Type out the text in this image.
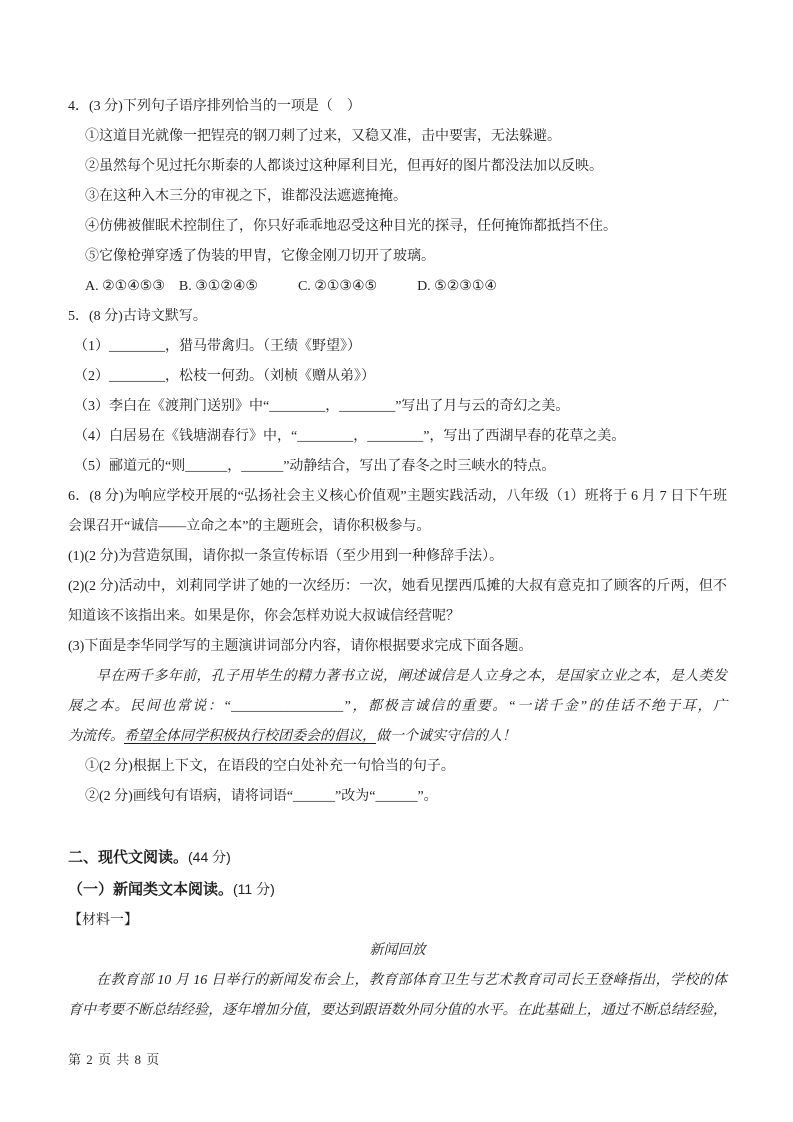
4．(3 分)下列句子语序排列恰当的一项是（　）

①这道目光就像一把锃亮的钢刀刺了过来，又稳又准，击中要害，无法躲避。

②虽然每个见过托尔斯泰的人都谈过这种犀利目光，但再好的图片都没法加以反映。

③在这种入木三分的审视之下，谁都没法遮遮掩掩。

④仿佛被催眠术控制住了，你只好乖乖地忍受这种目光的探寻，任何掩饰都抵挡不住。

⑤它像枪弹穿透了伪装的甲胄，它像金刚刀切开了玻璃。

A. ②①④⑤③ B. ③①②④⑤	C. ②①③④⑤	D. ⑤②③①④

5．(8 分)古诗文默写。

（1）________，猎马带禽归。（王绩《野望》）

（2）________，松枝一何劲。（刘桢《赠从弟》）

（3）李白在《渡荆门送别》中“________，________”写出了月与云的奇幻之美。

（4）白居易在《钱塘湖春行》中，“________，________”，写出了西湖早春的花草之美。

（5）郦道元的“则______，______”动静结合，写出了春冬之时三峡水的特点。

6．(8 分)为响应学校开展的“弘扬社会主义核心价值观”主题实践活动，八年级（1）班将于 6 月 7 日下午班

会课召开“诚信——立命之本”的主题班会，请你积极参与。

(1)(2 分)为营造氛围，请你拟一条宣传标语（至少用到一种修辞手法）。

(2)(2 分)活动中，刘莉同学讲了她的一次经历：一次，她看见摆西瓜摊的大叔有意克扣了顾客的斤两，但不

知道该不该指出来。如果是你，你会怎样劝说大叔诚信经营呢？

(3)下面是李华同学写的主题演讲词部分内容，请你根据要求完成下面各题。

早在两千多年前，孔子用毕生的精力著书立说，阐述诚信是人立身之本，是国家立业之本，是人类发

展之本。民间也常说：“________________”，都极言诚信的重要。“一诺千金”的佳话不绝于耳，广

为流传。希望全体同学积极执行校团委会的倡议，做一个诚实守信的人！

①(2 分)根据上下文，在语段的空白处补充一句恰当的句子。

②(2 分)画线句有语病，请将词语“______”改为“______”。

二、现代文阅读。(44 分)

（一）新闻类文本阅读。(11 分)

【材料一】

新闻回放

在教育部 10 月 16 日举行的新闻发布会上，教育部体育卫生与艺术教育司司长王登峰指出，学校的体

育中考要不断总结经验，逐年增加分值，要达到跟语数外同分值的水平。在此基础上，通过不断总结经验，

第 2 页 共 8 页
